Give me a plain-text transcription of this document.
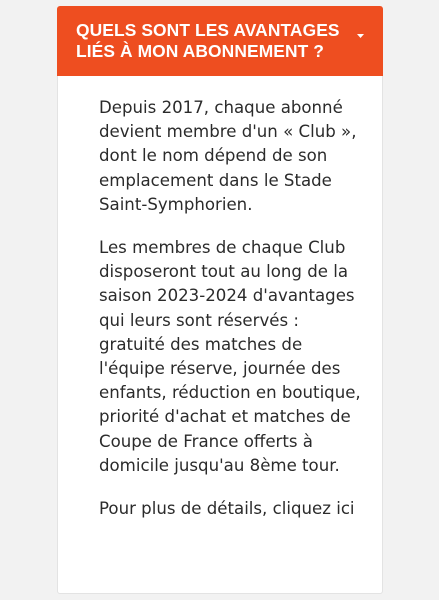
QUELS SONT LES AVANTAGES LIÉS À MON ABONNEMENT ?

Depuis 2017, chaque abonné devient membre d'un « Club », dont le nom dépend de son emplacement dans le Stade Saint-Symphorien.

Les membres de chaque Club disposeront tout au long de la saison 2023-2024 d'avantages qui leurs sont réservés : gratuité des matches de l'équipe réserve, journée des enfants, réduction en boutique, priorité d'achat et matches de Coupe de France offerts à domicile jusqu'au 8ème tour.

Pour plus de détails, cliquez ici
